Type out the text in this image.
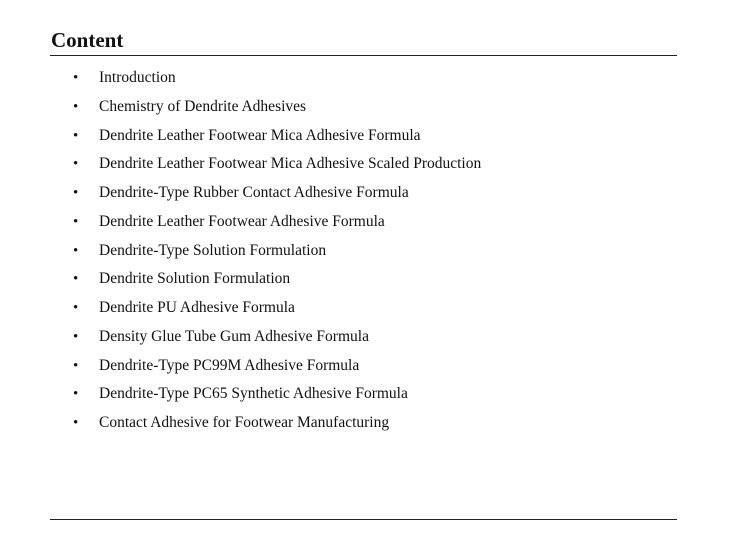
Content
• Introduction
• Chemistry of Dendrite Adhesives
• Dendrite Leather Footwear Mica Adhesive Formula
• Dendrite Leather Footwear Mica Adhesive Scaled Production
• Dendrite-Type Rubber Contact Adhesive Formula
• Dendrite Leather Footwear Adhesive Formula
• Dendrite-Type Solution Formulation
• Dendrite Solution Formulation
• Dendrite PU Adhesive Formula
• Density Glue Tube Gum Adhesive Formula
• Dendrite-Type PC99M Adhesive Formula
• Dendrite-Type PC65 Synthetic Adhesive Formula
• Contact Adhesive for Footwear Manufacturing
